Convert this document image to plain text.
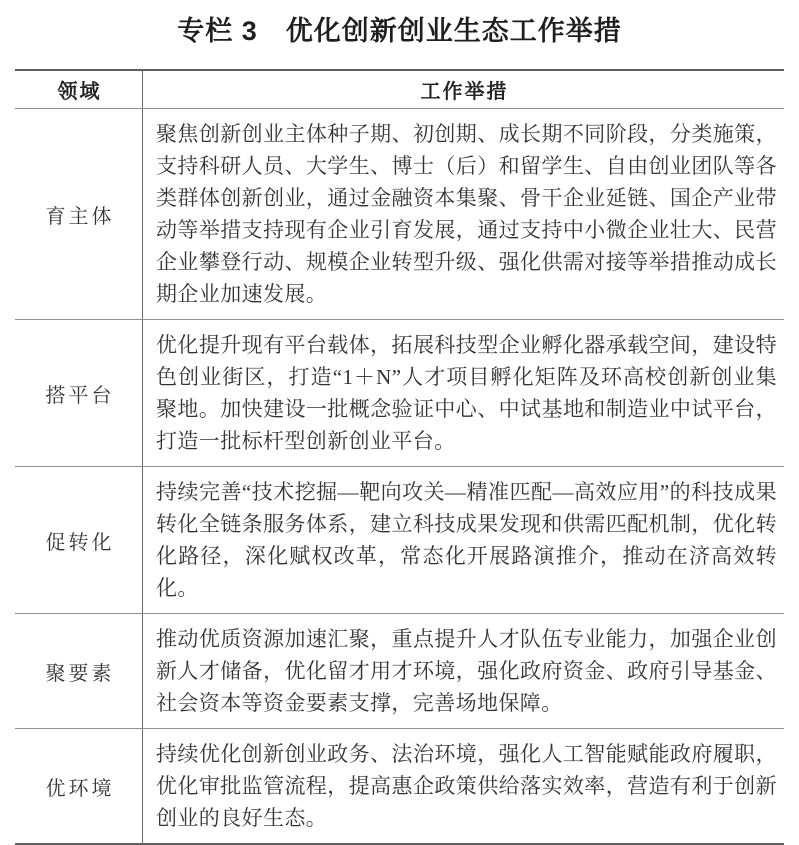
专栏 3　优化创新创业生态工作举措
领域	工作举措
育主体

聚焦创新创业主体种子期、初创期、成长期不同阶段，分类施策，支持科研人员、大学生、博士（后）和留学生、自由创业团队等各类群体创新创业，通过金融资本集聚、骨干企业延链、国企产业带动等举措支持现有企业引育发展，通过支持中小微企业壮大、民营企业攀登行动、规模企业转型升级、强化供需对接等举措推动成长期企业加速发展。

搭平台

优化提升现有平台载体，拓展科技型企业孵化器承载空间，建设特色创业街区，打造“1＋N”人才项目孵化矩阵及环高校创新创业集聚地。加快建设一批概念验证中心、中试基地和制造业中试平台，打造一批标杆型创新创业平台。

促转化

持续完善“技术挖掘—靶向攻关—精准匹配—高效应用”的科技成果转化全链条服务体系，建立科技成果发现和供需匹配机制，优化转化路径，深化赋权改革，常态化开展路演推介，推动在济高效转化。

聚要素

推动优质资源加速汇聚，重点提升人才队伍专业能力，加强企业创新人才储备，优化留才用才环境，强化政府资金、政府引导基金、社会资本等资金要素支撑，完善场地保障。

优环境

持续优化创新创业政务、法治环境，强化人工智能赋能政府履职，优化审批监管流程，提高惠企政策供给落实效率，营造有利于创新创业的良好生态。
